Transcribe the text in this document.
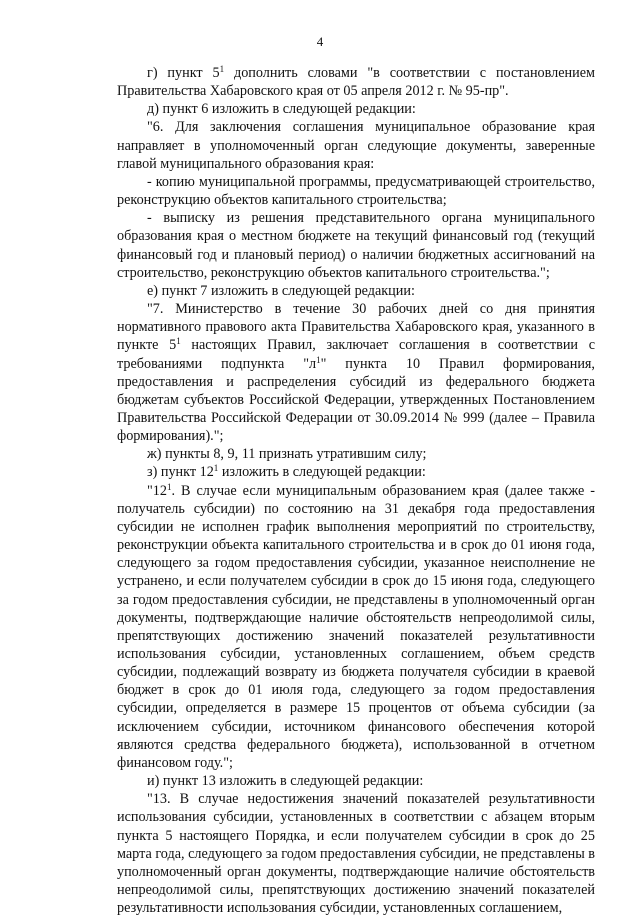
4

г) пункт $5^1$ дополнить словами "в соответствии с постановлением Правительства Хабаровского края от 05 апреля 2012 г. № 95-пр".

д) пункт 6 изложить в следующей редакции:

"6. Для заключения соглашения муниципальное образование края направляет в уполномоченный орган следующие документы, заверенные главой муниципального образования края:

- копию муниципальной программы, предусматривающей строительство, реконструкцию объектов капитального строительства;

- выписку из решения представительного органа муниципального образования края о местном бюджете на текущий финансовый год (текущий финансовый год и плановый период) о наличии бюджетных ассигнований на строительство, реконструкцию объектов капитального строительства.";

е) пункт 7 изложить в следующей редакции:

"7. Министерство в течение 30 рабочих дней со дня принятия нормативного правового акта Правительства Хабаровского края, указанного в пункте $5^1$ настоящих Правил, заключает соглашения в соответствии с требованиями подпункта "$л^1$" пункта 10 Правил формирования, предоставления и распределения субсидий из федерального бюджета бюджетам субъектов Российской Федерации, утвержденных Постановлением Правительства Российской Федерации от 30.09.2014 № 999 (далее – Правила формирования).";

ж) пункты 8, 9, 11 признать утратившим силу;

з) пункт $12^1$ изложить в следующей редакции:

"$12^1$. В случае если муниципальным образованием края (далее также - получатель субсидии) по состоянию на 31 декабря года предоставления субсидии не исполнен график выполнения мероприятий по строительству, реконструкции объекта капитального строительства и в срок до 01 июня года, следующего за годом предоставления субсидии, указанное неисполнение не устранено, и если получателем субсидии в срок до 15 июня года, следующего за годом предоставления субсидии, не представлены в уполномоченный орган документы, подтверждающие наличие обстоятельств непреодолимой силы, препятствующих достижению значений показателей результативности использования субсидии, установленных соглашением, объем средств субсидии, подлежащий возврату из бюджета получателя субсидии в краевой бюджет в срок до 01 июля года, следующего за годом предоставления субсидии, определяется в размере 15 процентов от объема субсидии (за исключением субсидии, источником финансового обеспечения которой являются средства федерального бюджета), использованной в отчетном финансовом году.";

и) пункт 13 изложить в следующей редакции:

"13. В случае недостижения значений показателей результативности использования субсидии, установленных в соответствии с абзацем вторым пункта 5 настоящего Порядка, и если получателем субсидии в срок до 25 марта года, следующего за годом предоставления субсидии, не представлены в уполномоченный орган документы, подтверждающие наличие обстоятельств непреодолимой силы, препятствующих достижению значений показателей результативности использования субсидии, установленных соглашением,
